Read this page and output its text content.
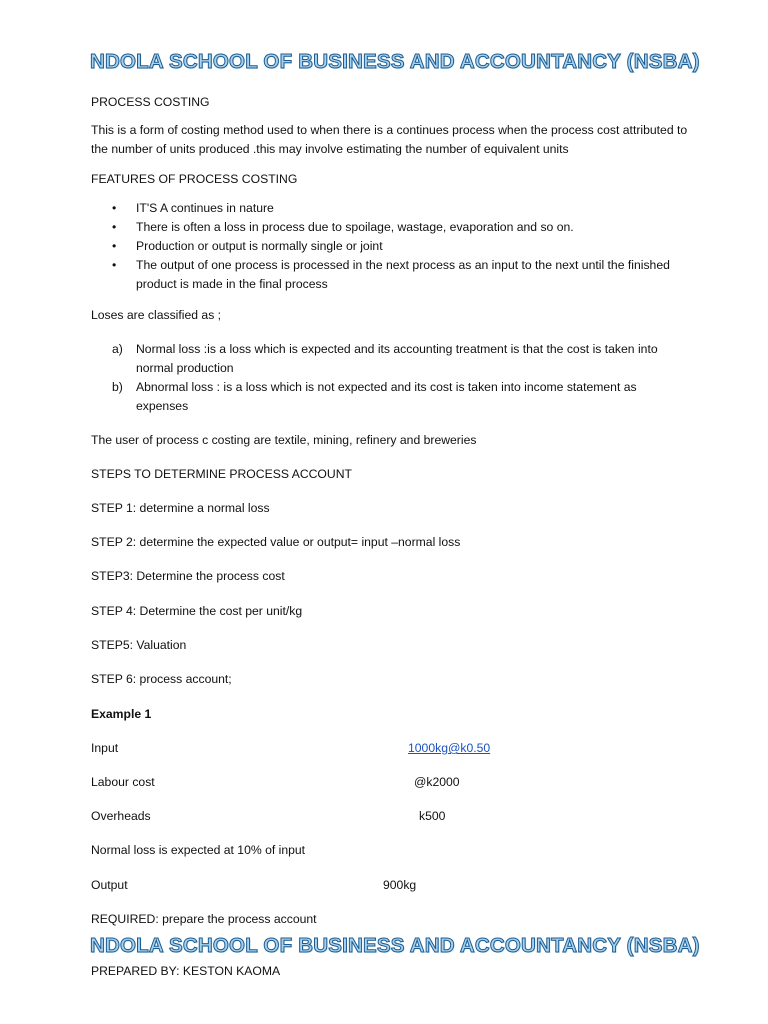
NDOLA SCHOOL OF BUSINESS AND ACCOUNTANCY (NSBA)
PROCESS COSTING
This is a form of costing method used to when there is a continues process when the process cost attributed to the number of units produced .this may involve estimating the number of equivalent units
FEATURES OF PROCESS COSTING
• IT'S A continues in nature
• There is often a loss in process due to spoilage, wastage, evaporation and so on.
• Production or output is normally single or joint
• The output of one process is processed in the next process as an input to the next until the finished product is made in the final process
Loses are classified as ;
a) Normal loss :is a loss which is expected and its accounting treatment is that the cost is taken into normal production
b) Abnormal loss : is a loss which is not expected and its cost is taken into income statement as expenses
The user of process c costing are textile, mining, refinery and breweries
STEPS TO DETERMINE PROCESS ACCOUNT
STEP 1: determine a normal loss
STEP 2: determine the expected value or output= input –normal loss
STEP3: Determine the process cost
STEP 4: Determine the cost per unit/kg
STEP5: Valuation
STEP 6: process account;
Example 1
Input	1000kg@k0.50
Labour cost	@k2000
Overheads	k500
Normal loss is expected at 10% of input
Output	900kg
REQUIRED: prepare the process account
NDOLA SCHOOL OF BUSINESS AND ACCOUNTANCY (NSBA)
PREPARED BY: KESTON KAOMA
